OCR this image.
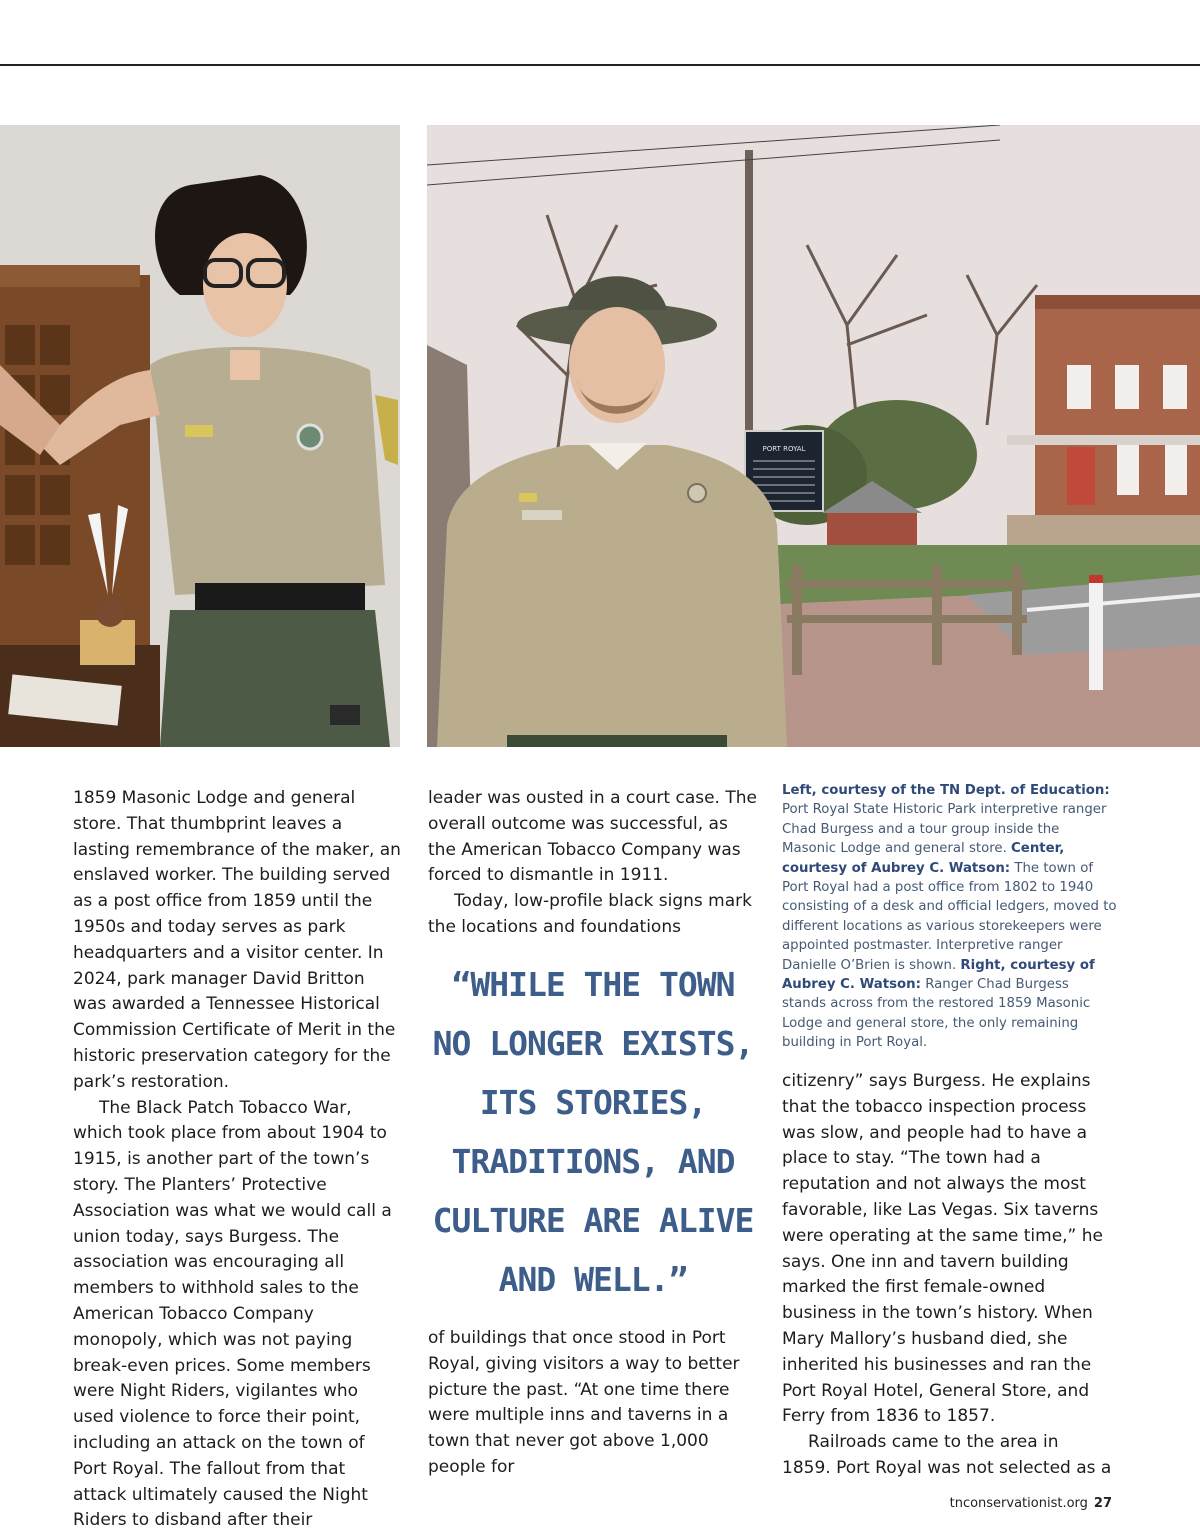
PORT ROYAL

1859 Masonic Lodge and general store. That thumbprint leaves a lasting remembrance of the maker, an enslaved worker. The building served as a post office from 1859 until the 1950s and today serves as park headquarters and a visitor center. In 2024, park manager David Britton was awarded a Tennessee Historical Commission Certificate of Merit in the historic preservation category for the park’s restoration.

The Black Patch Tobacco War, which took place from about 1904 to 1915, is another part of the town’s story. The Planters’ Protective Association was what we would call a union today, says Burgess. The association was encouraging all members to withhold sales to the American Tobacco Company monopoly, which was not paying break-even prices. Some members were Night Riders, vigilantes who used violence to force their point, including an attack on the town of Port Royal. The fallout from that attack ultimately caused the Night Riders to disband after their

leader was ousted in a court case. The overall outcome was successful, as the American Tobacco Company was forced to dismantle in 1911.

Today, low-profile black signs mark the locations and foundations

“WHILE THE TOWN NO LONGER EXISTS, ITS STORIES, TRADITIONS, AND CULTURE ARE ALIVE AND WELL.”

of buildings that once stood in Port Royal, giving visitors a way to better picture the past. “At one time there were multiple inns and taverns in a town that never got above 1,000 people for

Left, courtesy of the TN Dept. of Education: Port Royal State Historic Park interpretive ranger Chad Burgess and a tour group inside the Masonic Lodge and general store. Center, courtesy of Aubrey C. Watson: The town of Port Royal had a post office from 1802 to 1940 consisting of a desk and official ledgers, moved to different locations as various storekeepers were appointed postmaster. Interpretive ranger Danielle O’Brien is shown. Right, courtesy of Aubrey C. Watson: Ranger Chad Burgess stands across from the restored 1859 Masonic Lodge and general store, the only remaining building in Port Royal.

citizenry” says Burgess. He explains that the tobacco inspection process was slow, and people had to have a place to stay. “The town had a reputation and not always the most favorable, like Las Vegas. Six taverns were operating at the same time,” he says. One inn and tavern building marked the first female-owned business in the town’s history. When Mary Mallory’s husband died, she inherited his businesses and ran the Port Royal Hotel, General Store, and Ferry from 1836 to 1857.

Railroads came to the area in 1859. Port Royal was not selected as a

tnconservationist.org 27
